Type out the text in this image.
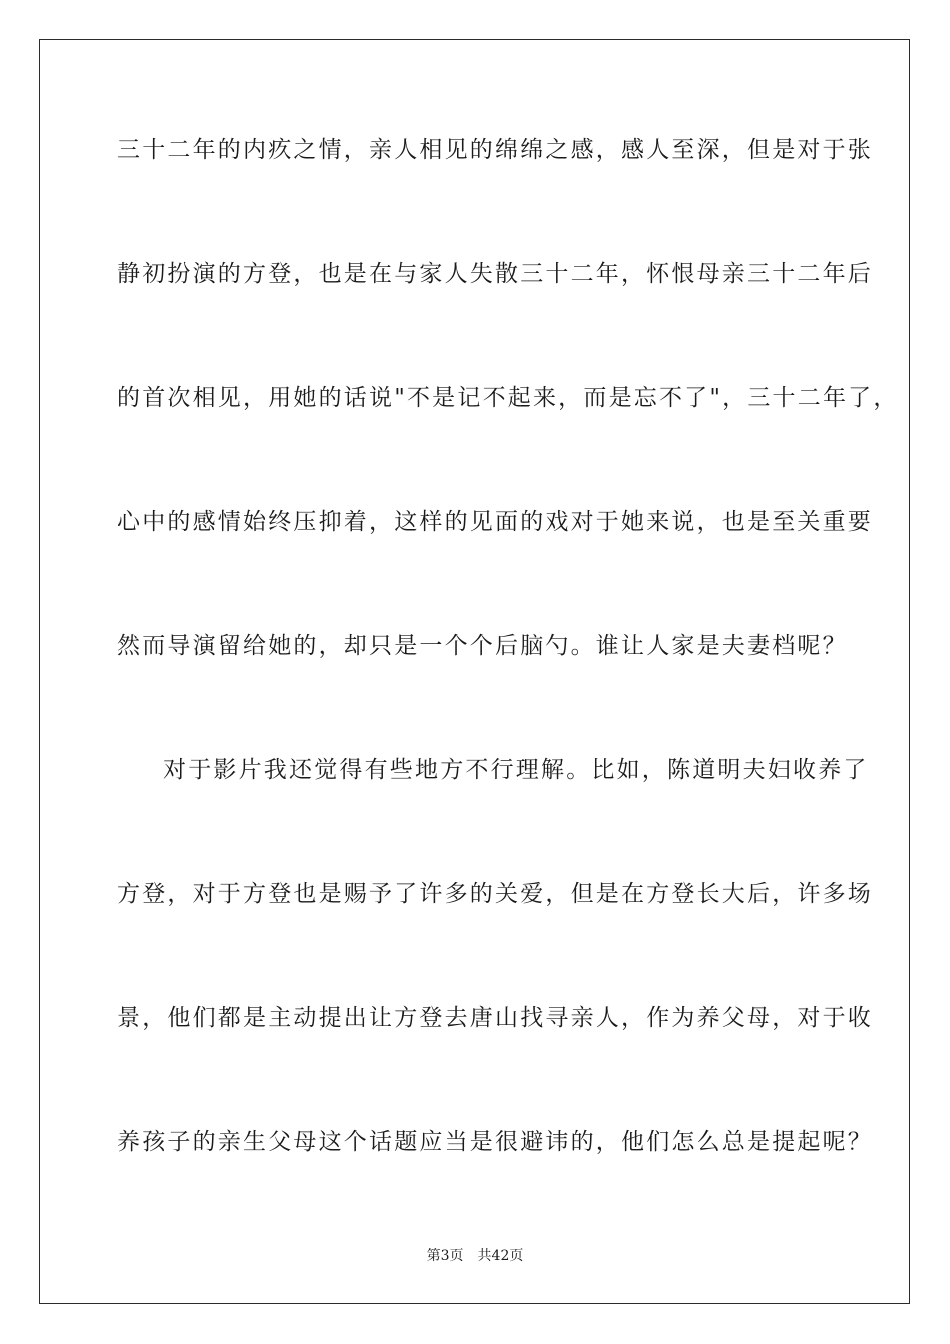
三十二年的内疚之情，亲人相见的绵绵之感，感人至深，但是对于张
静初扮演的方登，也是在与家人失散三十二年，怀恨母亲三十二年后
的首次相见，用她的话说"不是记不起来，而是忘不了"，三十二年了，
心中的感情始终压抑着，这样的见面的戏对于她来说，也是至关重要
然而导演留给她的，却只是一个个后脑勺。谁让人家是夫妻档呢？
对于影片我还觉得有些地方不行理解。比如，陈道明夫妇收养了
方登，对于方登也是赐予了许多的关爱，但是在方登长大后，许多场
景，他们都是主动提出让方登去唐山找寻亲人，作为养父母，对于收
养孩子的亲生父母这个话题应当是很避讳的，他们怎么总是提起呢？
第3页 共42页
